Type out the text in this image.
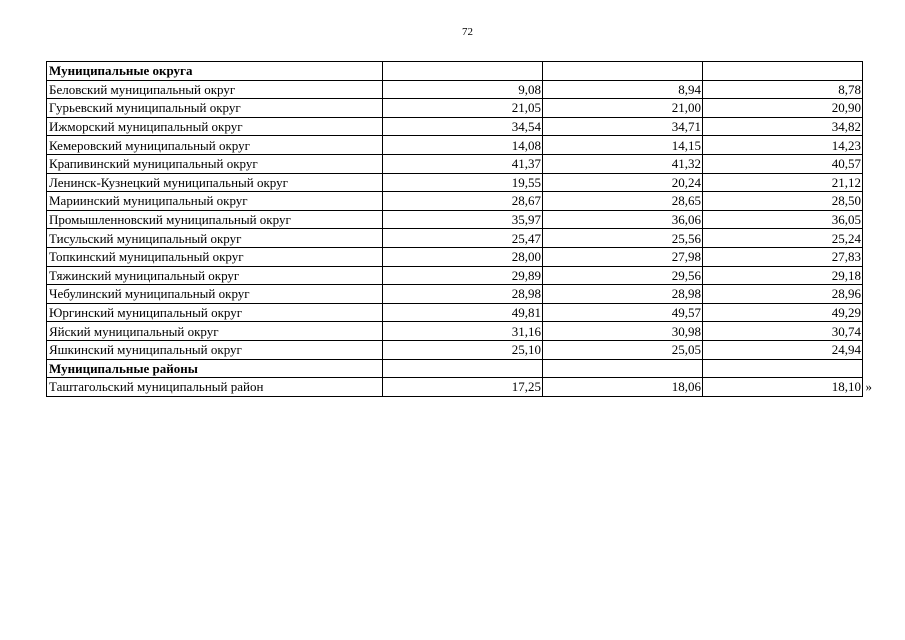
72
Муниципальные округа			
Беловский муниципальный округ	9,08	8,94	8,78
Гурьевский муниципальный округ	21,05	21,00	20,90
Ижморский муниципальный округ	34,54	34,71	34,82
Кемеровский муниципальный округ	14,08	14,15	14,23
Крапивинский муниципальный округ	41,37	41,32	40,57
Ленинск-Кузнецкий муниципальный округ	19,55	20,24	21,12
Мариинский муниципальный округ	28,67	28,65	28,50
Промышленновский муниципальный округ	35,97	36,06	36,05
Тисульский муниципальный округ	25,47	25,56	25,24
Топкинский муниципальный округ	28,00	27,98	27,83
Тяжинский муниципальный округ	29,89	29,56	29,18
Чебулинский муниципальный округ	28,98	28,98	28,96
Юргинский муниципальный округ	49,81	49,57	49,29
Яйский муниципальный округ	31,16	30,98	30,74
Яшкинский муниципальный округ	25,10	25,05	24,94
Муниципальные районы			
Таштагольский муниципальный район	17,25	18,06	18,10 »
